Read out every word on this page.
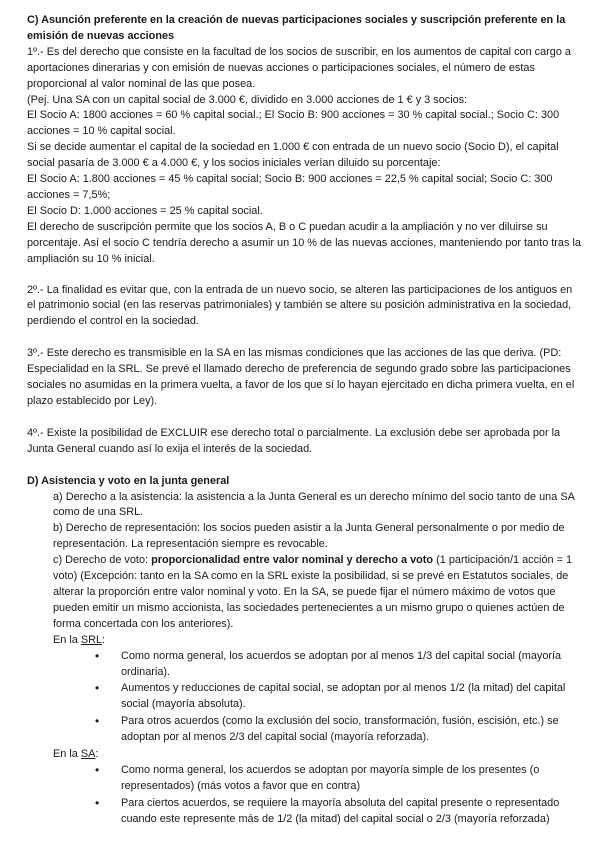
C) Asunción preferente en la creación de nuevas participaciones sociales y suscripción preferente en la emisión de nuevas acciones

1º.- Es del derecho que consiste en la facultad de los socios de suscribir, en los aumentos de capital con cargo a aportaciones dinerarias y con emisión de nuevas acciones o participaciones sociales, el número de estas proporcional al valor nominal de las que posea.

(Pej. Una SA con un capital social de 3.000 €, dividido en 3.000 acciones de 1 € y 3 socios:

El Socio A: 1800 acciones = 60 % capital social.; El Socio B: 900 acciones = 30 % capital social.; Socio C: 300 acciones = 10 % capital social.

Si se decide aumentar el capital de la sociedad en 1.000 € con entrada de un nuevo socio (Socio D), el capital social pasaría de 3.000 € a 4.000 €, y los socios iniciales verían diluido su porcentaje:

El Socio A: 1.800 acciones = 45 % capital social; Socio B: 900 acciones = 22,5 % capital social; Socio C: 300 acciones = 7,5%;

El Socio D: 1.000 acciones = 25 % capital social.

El derecho de suscripción permite que los socios A, B o C puedan acudir a la ampliación y no ver diluirse su porcentaje. Así el socio C tendría derecho a asumir un 10 % de las nuevas acciones, manteniendo por tanto tras la ampliación su 10 % inicial.

2º.- La finalidad es evitar que, con la entrada de un nuevo socio, se alteren las participaciones de los antiguos en el patrimonio social (en las reservas patrimoniales) y también se altere su posición administrativa en la sociedad, perdiendo el control en la sociedad.

3º.- Este derecho es transmisible en la SA en las mismas condiciones que las acciones de las que deriva. (PD: Especialidad en la SRL. Se prevé el llamado derecho de preferencia de segundo grado sobre las participaciones sociales no asumidas en la primera vuelta, a favor de los que sí lo hayan ejercitado en dicha primera vuelta, en el plazo establecido por Ley).

4º.- Existe la posibilidad de EXCLUIR ese derecho total o parcialmente. La exclusión debe ser aprobada por la Junta General cuando así lo exija el interés de la sociedad.

D) Asistencia y voto en la junta general

a) Derecho a la asistencia: la asistencia a la Junta General es un derecho mínimo del socio tanto de una SA como de una SRL.

b) Derecho de representación: los socios pueden asistir a la Junta General personalmente o por medio de representación. La representación siempre es revocable.

c) Derecho de voto: proporcionalidad entre valor nominal y derecho a voto (1 participación/1 acción = 1 voto) (Excepción: tanto en la SA como en la SRL existe la posibilidad, si se prevé en Estatutos sociales, de alterar la proporción entre valor nominal y voto. En la SA, se puede fijar el número máximo de votos que pueden emitir un mismo accionista, las sociedades pertenecientes a un mismo grupo o quienes actúen de forma concertada con los anteriores).

En la SRL:

• Como norma general, los acuerdos se adoptan por al menos 1/3 del capital social (mayoría ordinaria).
• Aumentos y reducciones de capital social, se adoptan por al menos 1/2 (la mitad) del capital social (mayoría absoluta).
• Para otros acuerdos (como la exclusión del socio, transformación, fusión, escisión, etc.) se adoptan por al menos 2/3 del capital social (mayoría reforzada).

En la SA:

• Como norma general, los acuerdos se adoptan por mayoría simple de los presentes (o representados) (más votos a favor que en contra)
• Para ciertos acuerdos, se requiere la mayoría absoluta del capital presente o representado cuando este represente más de 1/2 (la mitad) del capital social o 2/3 (mayoría reforzada)
